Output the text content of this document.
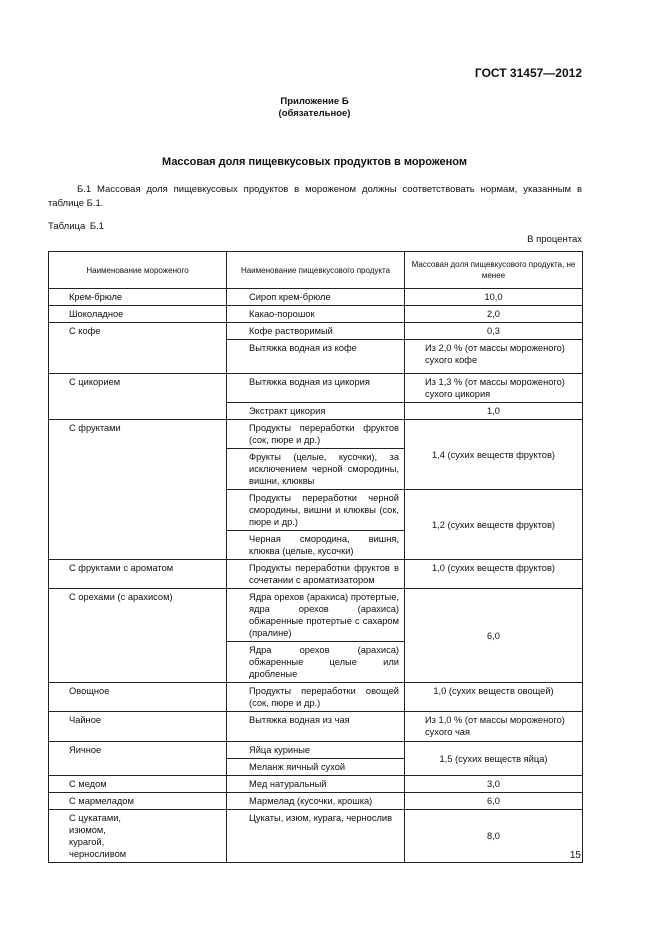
ГОСТ 31457—2012
Приложение Б
(обязательное)
Массовая доля пищевкусовых продуктов в мороженом
Б.1 Массовая доля пищевкусовых продуктов в мороженом должны соответствовать нормам, указанным в таблице Б.1.
Таблица Б.1
В процентах
Наименование мороженого	Наименование пищевкусового продукта	Массовая доля пищевкусового продукта, не менее
Крем-брюле	Сироп крем-брюле	10,0
Шоколадное	Какао-порошок	2,0
С кофе	Кофе растворимый	0,3
	Вытяжка водная из кофе	Из 2,0 % (от массы мороженого) сухого кофе
С цикорием	Вытяжка водная из цикория	Из 1,3 % (от массы мороженого) сухого цикория
	Экстракт цикория	1,0
С фруктами	Продукты переработки фруктов (сок, пюре и др.)	1,4 (сухих веществ фруктов)
	Фрукты (целые, кусочки), за исключением черной смородины, вишни, клюквы	
	Продукты переработки черной смородины, вишни и клюквы (сок, пюре и др.)	1,2 (сухих веществ фруктов)
	Черная смородина, вишня, клюква (целые, кусочки)	
С фруктами с ароматом	Продукты переработки фруктов в сочетании с ароматизатором	1,0 (сухих веществ фруктов)
С орехами (с арахисом)	Ядра орехов (арахиса) протертые, ядра орехов (арахиса) обжаренные протертые с сахаром (пралине)	6,0
	Ядра орехов (арахиса) обжаренные целые или дробленые	
Овощное	Продукты переработки овощей (сок, пюре и др.)	1,0 (сухих веществ овощей)
Чайное	Вытяжка водная из чая	Из 1,0 % (от массы мороженого) сухого чая
Яичное	Яйца куриные	1,5 (сухих веществ яйца)
	Меланж яичный сухой	
С медом	Мед натуральный	3,0
С мармеладом	Мармелад (кусочки, крошка)	6,0
С цукатами, изюмом, курагой, черносливом	Цукаты, изюм, курага, чернослив	8,0
15
